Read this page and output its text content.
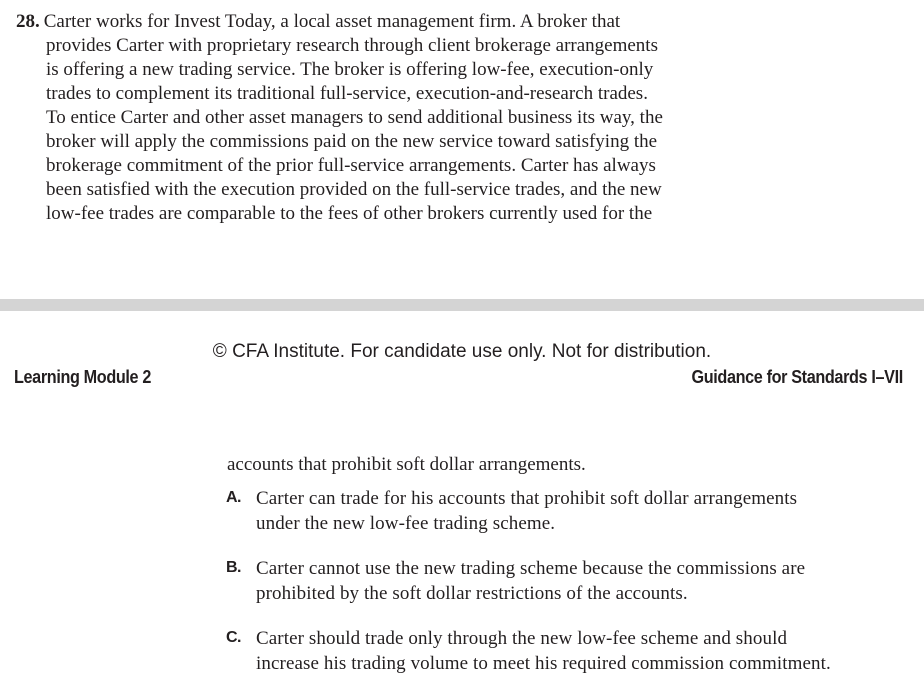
28. Carter works for Invest Today, a local asset management firm. A broker that
provides Carter with proprietary research through client brokerage arrangements
is offering a new trading service. The broker is offering low-fee, execution-only
trades to complement its traditional full-service, execution-and-research trades.
To entice Carter and other asset managers to send additional business its way, the
broker will apply the commissions paid on the new service toward satisfying the
brokerage commitment of the prior full-service arrangements. Carter has always
been satisfied with the execution provided on the full-service trades, and the new
low-fee trades are comparable to the fees of other brokers currently used for the
© CFA Institute. For candidate use only. Not for distribution.
Learning Module 2	Guidance for Standards I–VII
accounts that prohibit soft dollar arrangements.
A. Carter can trade for his accounts that prohibit soft dollar arrangements
under the new low-fee trading scheme.
B. Carter cannot use the new trading scheme because the commissions are
prohibited by the soft dollar restrictions of the accounts.
C. Carter should trade only through the new low-fee scheme and should
increase his trading volume to meet his required commission commitment.
